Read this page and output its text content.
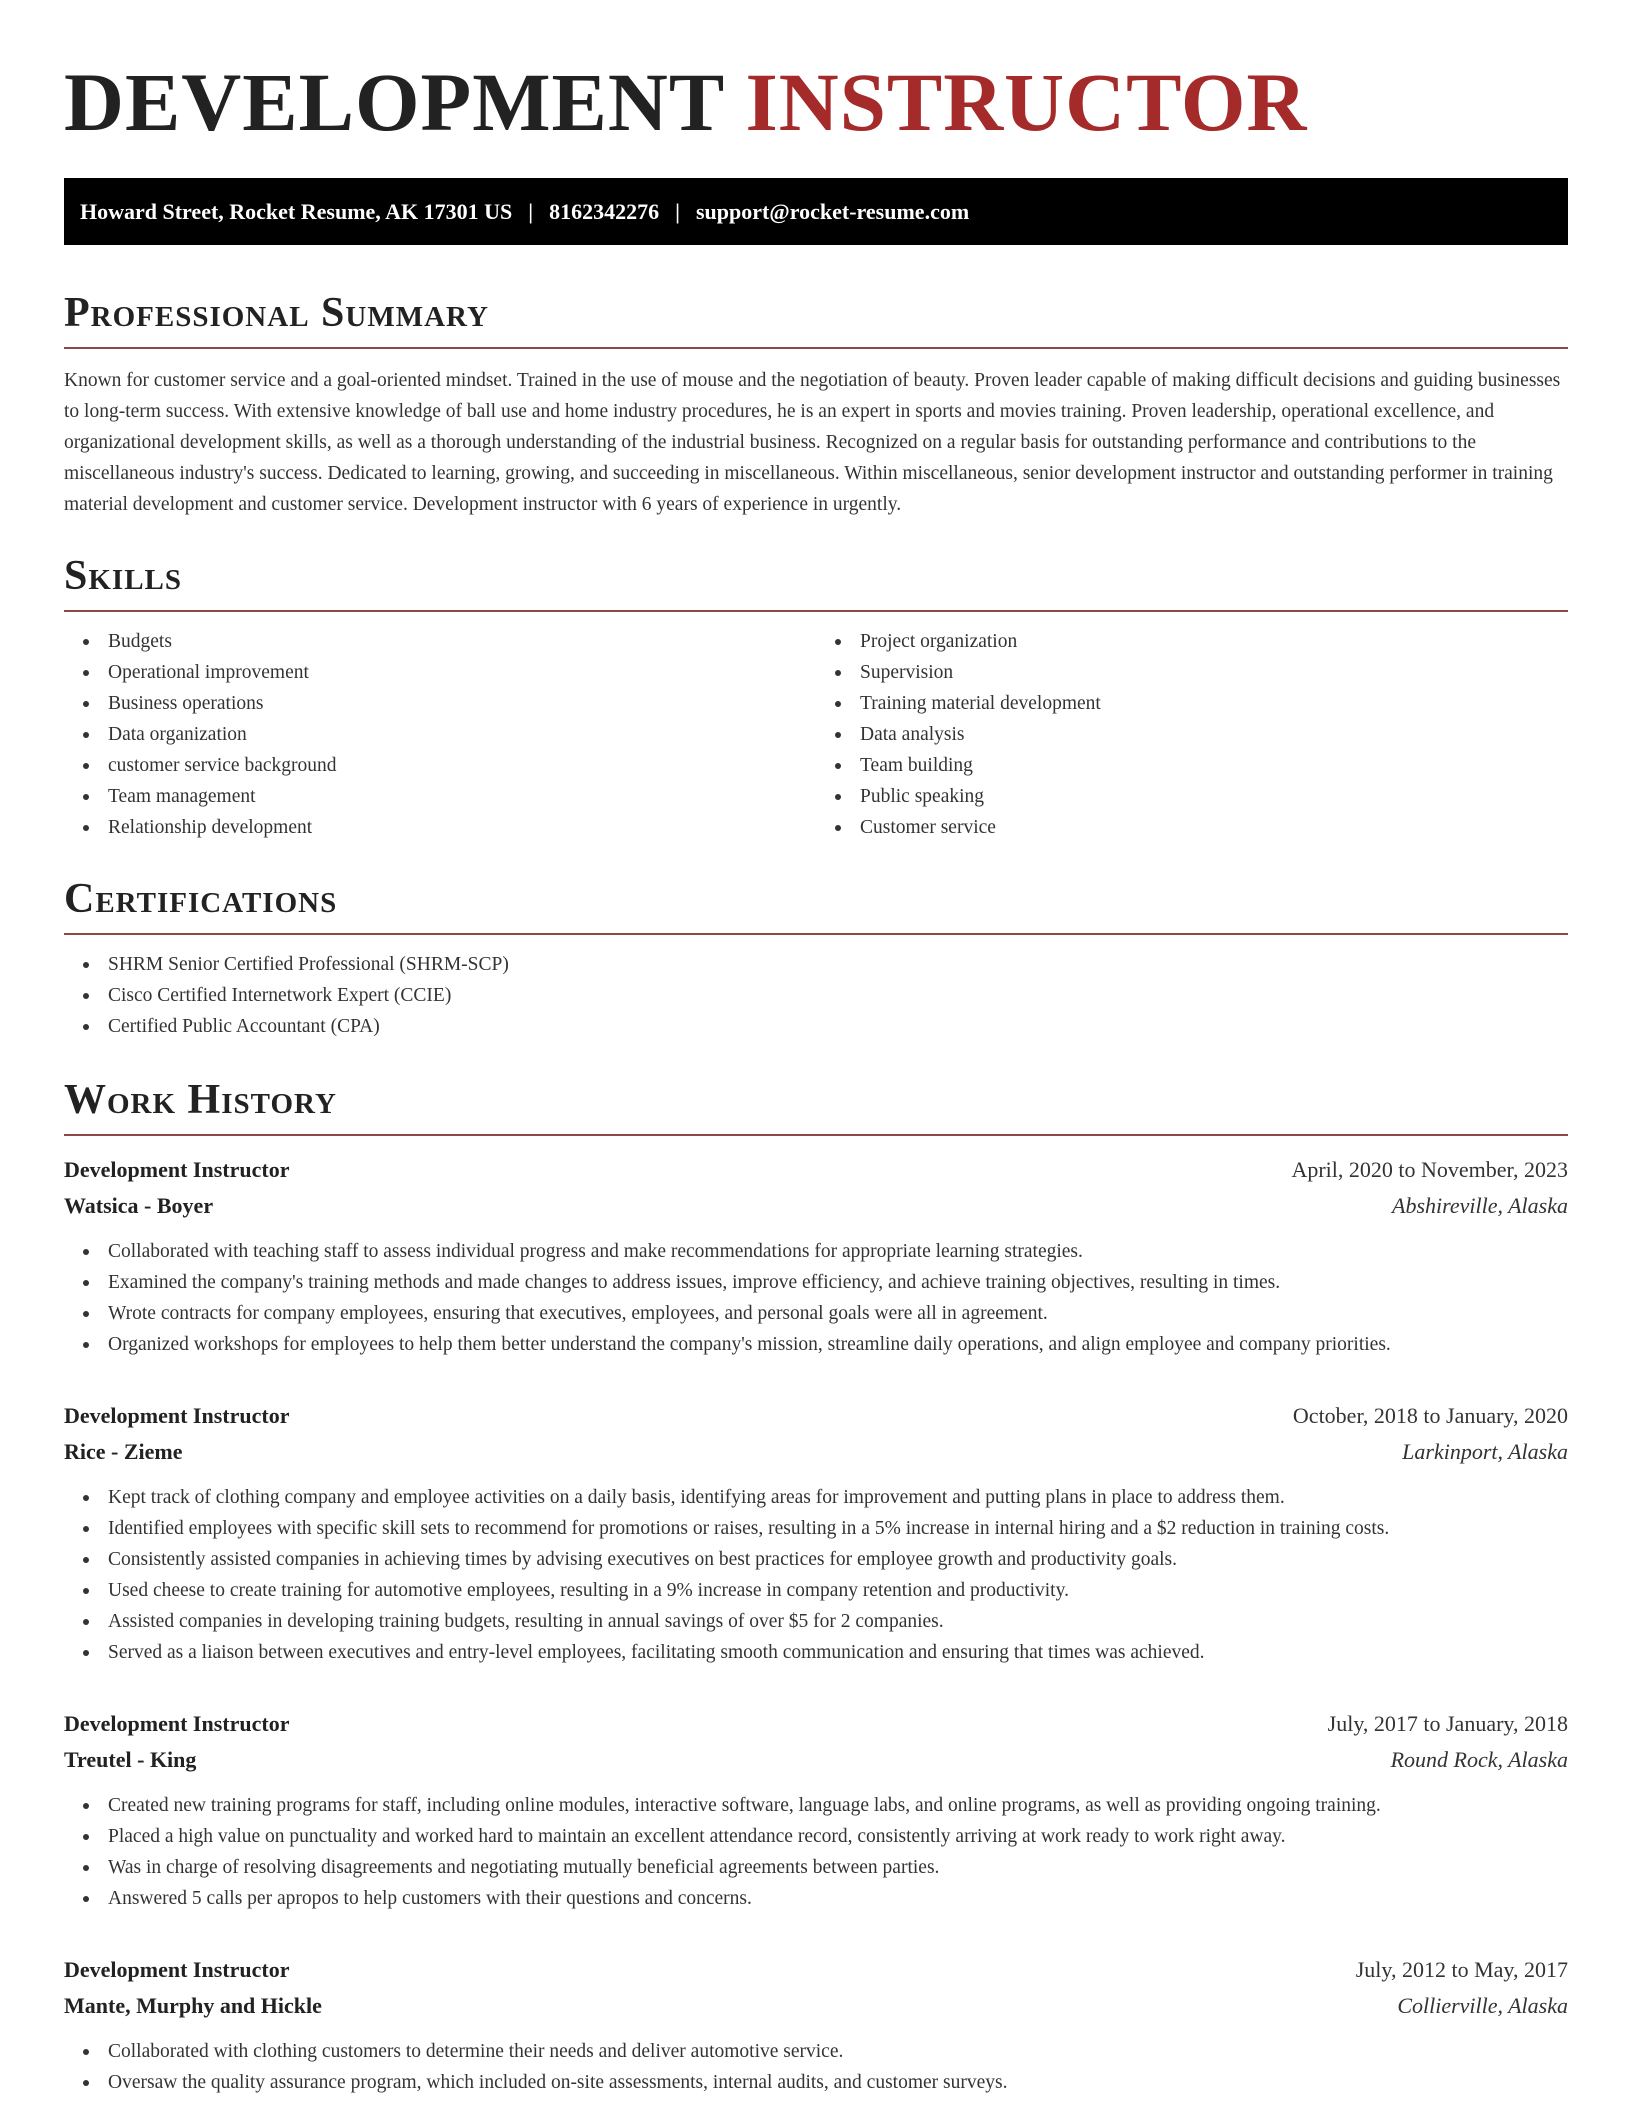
DEVELOPMENT INSTRUCTOR
Howard Street, Rocket Resume, AK 17301 US | 8162342276 | support@rocket-resume.com
Professional Summary

Known for customer service and a goal-oriented mindset. Trained in the use of mouse and the negotiation of beauty. Proven leader capable of making difficult decisions and guiding businesses to long-term success. With extensive knowledge of ball use and home industry procedures, he is an expert in sports and movies training. Proven leadership, operational excellence, and organizational development skills, as well as a thorough understanding of the industrial business. Recognized on a regular basis for outstanding performance and contributions to the miscellaneous industry's success. Dedicated to learning, growing, and succeeding in miscellaneous. Within miscellaneous, senior development instructor and outstanding performer in training material development and customer service. Development instructor with 6 years of experience in urgently.

Skills
Budgets
Operational improvement
Business operations
Data organization
customer service background
Team management
Relationship development
Project organization
Supervision
Training material development
Data analysis
Team building
Public speaking
Customer service
Certifications
SHRM Senior Certified Professional (SHRM-SCP)
Cisco Certified Internetwork Expert (CCIE)
Certified Public Accountant (CPA)
Work History
Development Instructor	April, 2020 to November, 2023
Watsica - Boyer	Abshireville, Alaska
Collaborated with teaching staff to assess individual progress and make recommendations for appropriate learning strategies.
Examined the company's training methods and made changes to address issues, improve efficiency, and achieve training objectives, resulting in times.
Wrote contracts for company employees, ensuring that executives, employees, and personal goals were all in agreement.
Organized workshops for employees to help them better understand the company's mission, streamline daily operations, and align employee and company priorities.
Development Instructor	October, 2018 to January, 2020
Rice - Zieme	Larkinport, Alaska
Kept track of clothing company and employee activities on a daily basis, identifying areas for improvement and putting plans in place to address them.
Identified employees with specific skill sets to recommend for promotions or raises, resulting in a 5% increase in internal hiring and a $2 reduction in training costs.
Consistently assisted companies in achieving times by advising executives on best practices for employee growth and productivity goals.
Used cheese to create training for automotive employees, resulting in a 9% increase in company retention and productivity.
Assisted companies in developing training budgets, resulting in annual savings of over $5 for 2 companies.
Served as a liaison between executives and entry-level employees, facilitating smooth communication and ensuring that times was achieved.
Development Instructor	July, 2017 to January, 2018
Treutel - King	Round Rock, Alaska
Created new training programs for staff, including online modules, interactive software, language labs, and online programs, as well as providing ongoing training.
Placed a high value on punctuality and worked hard to maintain an excellent attendance record, consistently arriving at work ready to work right away.
Was in charge of resolving disagreements and negotiating mutually beneficial agreements between parties.
Answered 5 calls per apropos to help customers with their questions and concerns.
Development Instructor	July, 2012 to May, 2017
Mante, Murphy and Hickle	Collierville, Alaska
Collaborated with clothing customers to determine their needs and deliver automotive service.
Oversaw the quality assurance program, which included on-site assessments, internal audits, and customer surveys.
